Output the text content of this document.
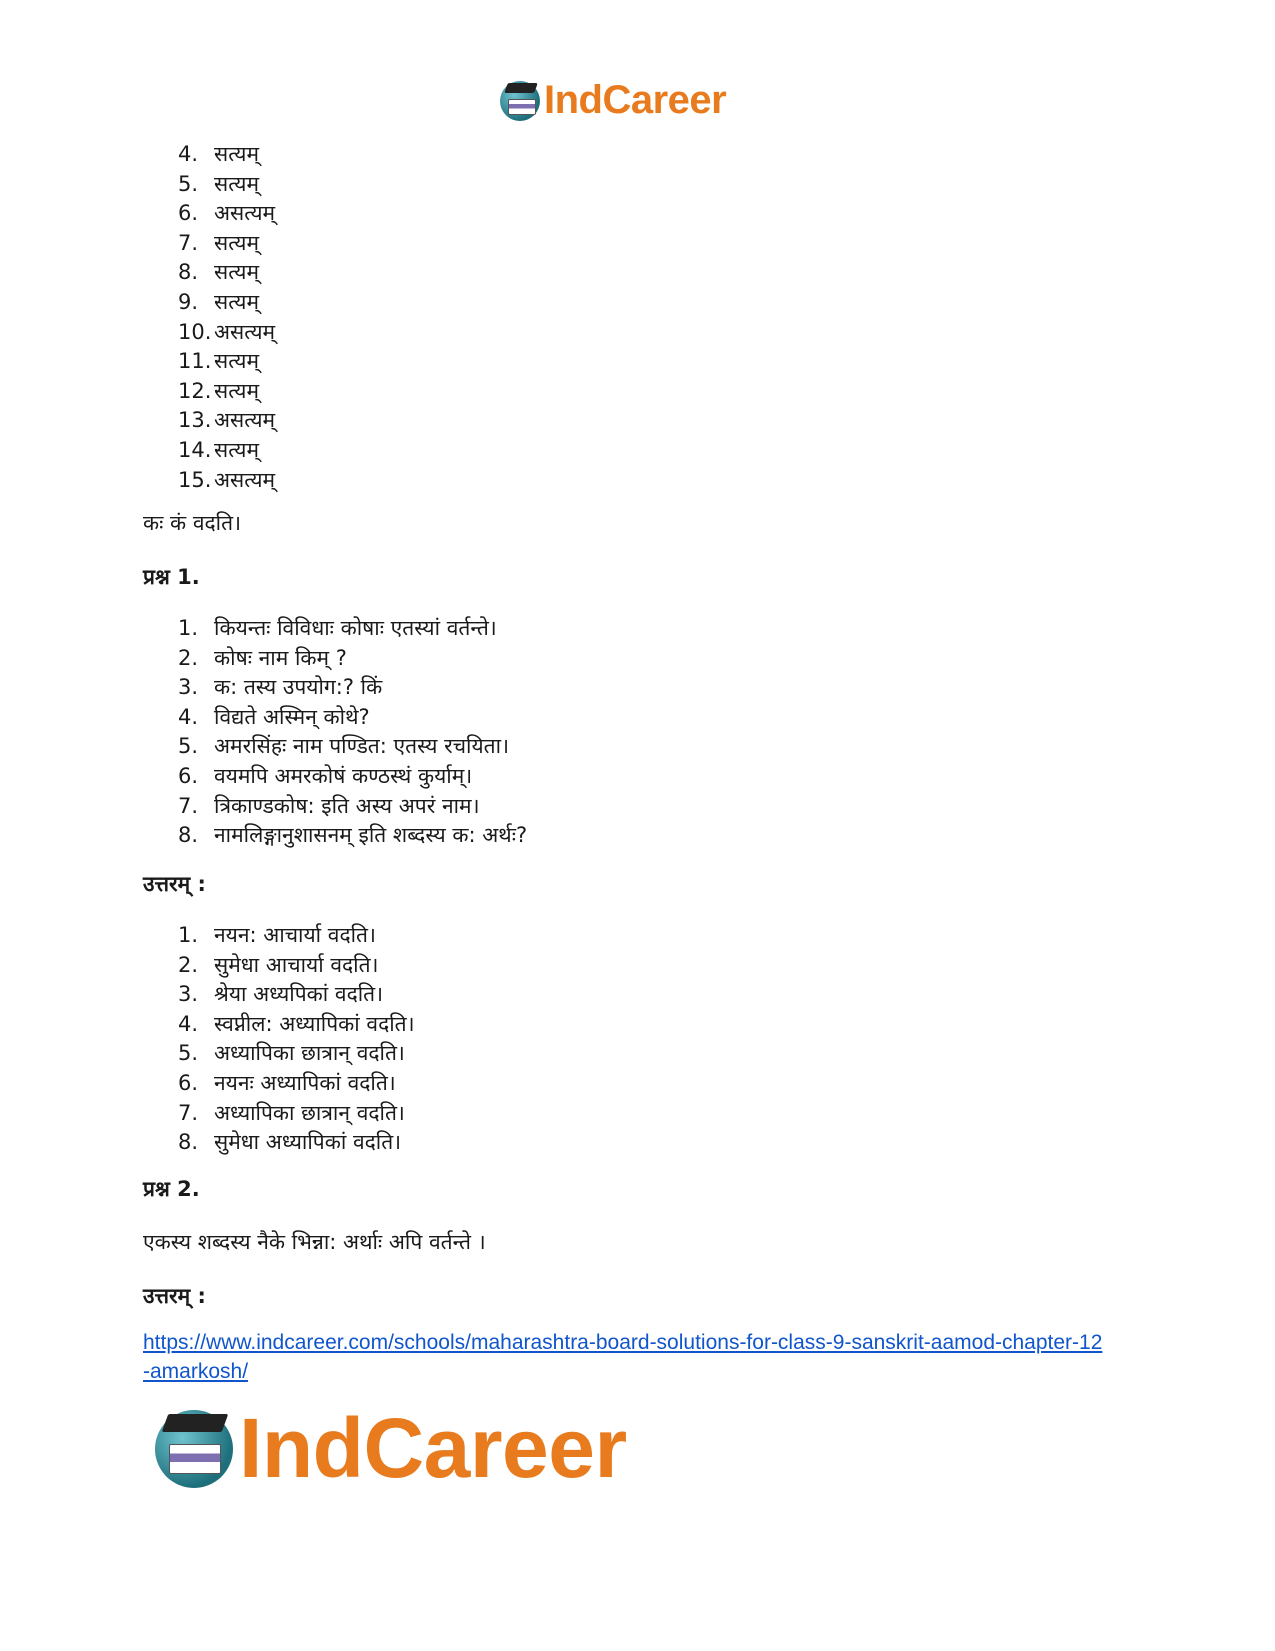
IndCareer
4. सत्यम्
5. सत्यम्
6. असत्यम्
7. सत्यम्
8. सत्यम्
9. सत्यम्
10. असत्यम्
11. सत्यम्
12. सत्यम्
13. असत्यम्
14. सत्यम्
15. असत्यम्

कः कं वदति।

प्रश्न 1.

1. कियन्तः विविधाः कोषाः एतस्यां वर्तन्ते।
2. कोषः नाम किम् ?
3. क: तस्य उपयोग:? किं
4. विद्यते अस्मिन् कोथे?
5. अमरसिंहः नाम पण्डित: एतस्य रचयिता।
6. वयमपि अमरकोषं कण्ठस्थं कुर्याम्।
7. त्रिकाण्डकोष: इति अस्य अपरं नाम।
8. नामलिङ्गानुशासनम् इति शब्दस्य क: अर्थः?

उत्तरम् :

1. नयन: आचार्या वदति।
2. सुमेधा आचार्या वदति।
3. श्रेया अध्यपिकां वदति।
4. स्वप्नील: अध्यापिकां वदति।
5. अध्यापिका छात्रान् वदति।
6. नयनः अध्यापिकां वदति।
7. अध्यापिका छात्रान् वदति।
8. सुमेधा अध्यापिकां वदति।

प्रश्न 2.

एकस्य शब्दस्य नैके भिन्ना: अर्थाः अपि वर्तन्ते ।

उत्तरम् :

https://www.indcareer.com/schools/maharashtra-board-solutions-for-class-9-sanskrit-aamod-chapter-12-amarkosh/
IndCareer
